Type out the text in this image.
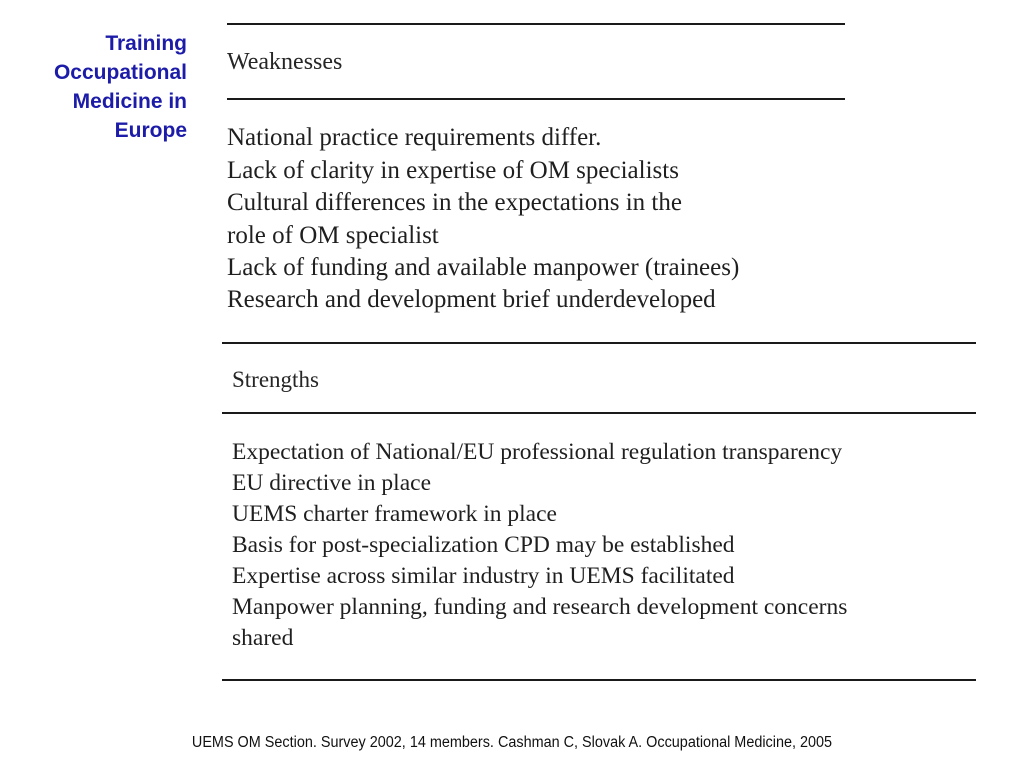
Training
Occupational
Medicine in
Europe
Weaknesses
National practice requirements differ.
Lack of clarity in expertise of OM specialists
Cultural differences in the expectations in the
role of OM specialist
Lack of funding and available manpower (trainees)
Research and development brief underdeveloped
Strengths
Expectation of National/EU professional regulation transparency
EU directive in place
UEMS charter framework in place
Basis for post-specialization CPD may be established
Expertise across similar industry in UEMS facilitated
Manpower planning, funding and research development concerns
shared
UEMS OM Section. Survey 2002, 14 members. Cashman C, Slovak A. Occupational Medicine, 2005
